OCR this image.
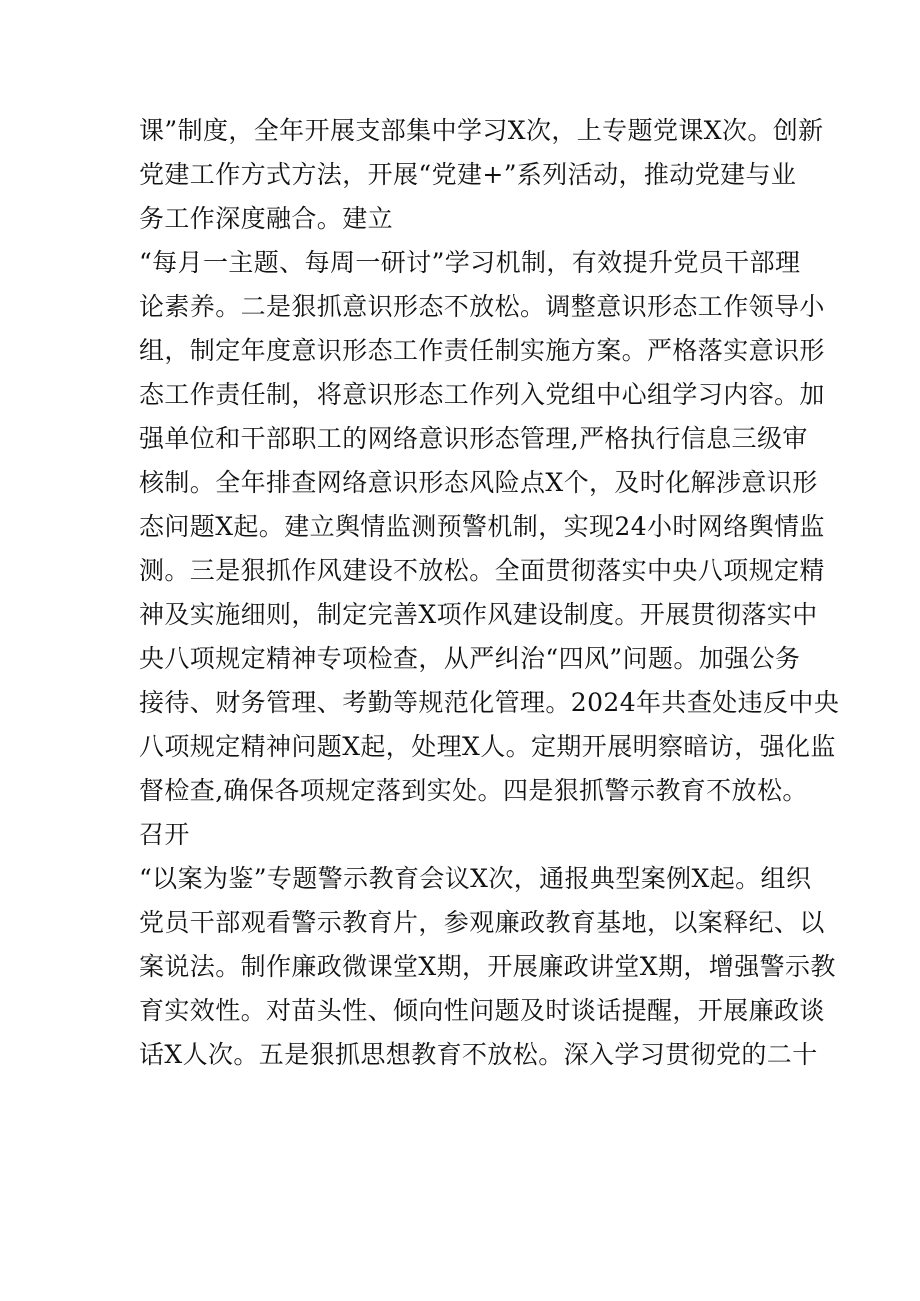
课”制度，全年开展支部集中学习X次，上专题党课X次。创新
党建工作方式方法，开展“党建+”系列活动，推动党建与业
务工作深度融合。建立
“每月一主题、每周一研讨”学习机制，有效提升党员干部理
论素养。二是狠抓意识形态不放松。调整意识形态工作领导小
组，制定年度意识形态工作责任制实施方案。严格落实意识形
态工作责任制，将意识形态工作列入党组中心组学习内容。加
强单位和干部职工的网络意识形态管理,严格执行信息三级审
核制。全年排查网络意识形态风险点X个，及时化解涉意识形
态问题X起。建立舆情监测预警机制，实现24小时网络舆情监
测。三是狠抓作风建设不放松。全面贯彻落实中央八项规定精
神及实施细则，制定完善X项作风建设制度。开展贯彻落实中
央八项规定精神专项检查，从严纠治“四风”问题。加强公务
接待、财务管理、考勤等规范化管理。2024年共查处违反中央
八项规定精神问题X起，处理X人。定期开展明察暗访，强化监
督检查,确保各项规定落到实处。四是狠抓警示教育不放松。
召开
“以案为鉴”专题警示教育会议X次，通报典型案例X起。组织
党员干部观看警示教育片，参观廉政教育基地，以案释纪、以
案说法。制作廉政微课堂X期，开展廉政讲堂X期，增强警示教
育实效性。对苗头性、倾向性问题及时谈话提醒，开展廉政谈
话X人次。五是狠抓思想教育不放松。深入学习贯彻党的二十
